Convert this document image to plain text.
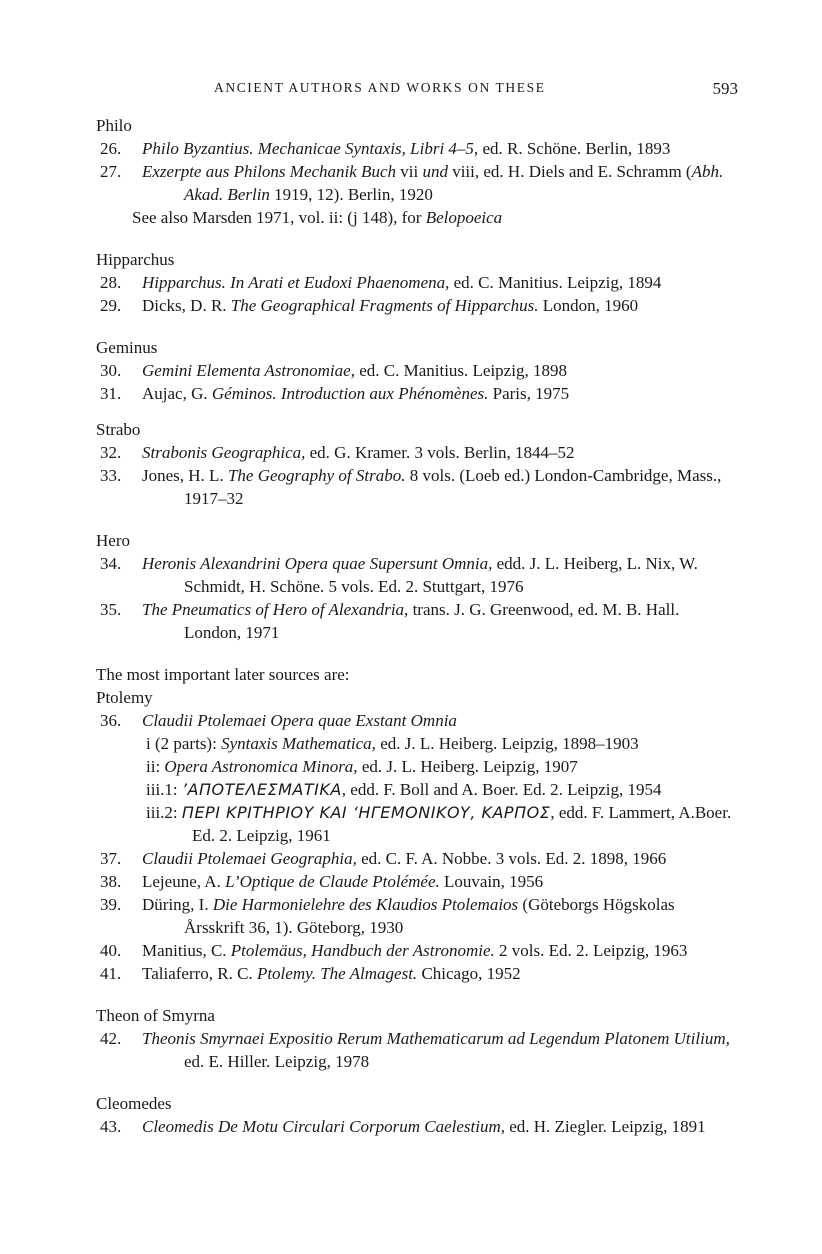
ANCIENT AUTHORS AND WORKS ON THESE	593
Philo
26. Philo Byzantius. Mechanicae Syntaxis, Libri 4–5, ed. R. Schöne. Berlin, 1893
27. Exzerpte aus Philons Mechanik Buch vii und viii, ed. H. Diels and E. Schramm (Abh. Akad. Berlin 1919, 12). Berlin, 1920
See also Marsden 1971, vol. ii: (j 148), for Belopoeica
Hipparchus
28. Hipparchus. In Arati et Eudoxi Phaenomena, ed. C. Manitius. Leipzig, 1894
29. Dicks, D. R. The Geographical Fragments of Hipparchus. London, 1960
Geminus
30. Gemini Elementa Astronomiae, ed. C. Manitius. Leipzig, 1898
31. Aujac, G. Géminos. Introduction aux Phénomènes. Paris, 1975
Strabo
32. Strabonis Geographica, ed. G. Kramer. 3 vols. Berlin, 1844–52
33. Jones, H. L. The Geography of Strabo. 8 vols. (Loeb ed.) London-Cambridge, Mass., 1917–32
Hero
34. Heronis Alexandrini Opera quae Supersunt Omnia, edd. J. L. Heiberg, L. Nix, W. Schmidt, H. Schöne. 5 vols. Ed. 2. Stuttgart, 1976
35. The Pneumatics of Hero of Alexandria, trans. J. G. Greenwood, ed. M. B. Hall. London, 1971
The most important later sources are:
Ptolemy
36. Claudii Ptolemaei Opera quae Exstant Omnia
i (2 parts): Syntaxis Mathematica, ed. J. L. Heiberg. Leipzig, 1898–1903
ii: Opera Astronomica Minora, ed. J. L. Heiberg. Leipzig, 1907
iii.1: ’ΑΠΟΤΕΛΕΣΜΑΤΙΚΑ, edd. F. Boll and A. Boer. Ed. 2. Leipzig, 1954
iii.2: ΠΕΡΙ ΚΡΙΤΗΡΙΟΥ ΚΑΙ ‘ΗΓΕΜΟΝΙΚΟΥ, ΚΑΡΠΟΣ, edd. F. Lammert, A.Boer. Ed. 2. Leipzig, 1961
37. Claudii Ptolemaei Geographia, ed. C. F. A. Nobbe. 3 vols. Ed. 2. 1898, 1966
38. Lejeune, A. L’Optique de Claude Ptolémée. Louvain, 1956
39. Düring, I. Die Harmonielehre des Klaudios Ptolemaios (Göteborgs Högskolas Årsskrift 36, 1). Göteborg, 1930
40. Manitius, C. Ptolemäus, Handbuch der Astronomie. 2 vols. Ed. 2. Leipzig, 1963
41. Taliaferro, R. C. Ptolemy. The Almagest. Chicago, 1952
Theon of Smyrna
42. Theonis Smyrnaei Expositio Rerum Mathematicarum ad Legendum Platonem Utilium, ed. E. Hiller. Leipzig, 1978
Cleomedes
43. Cleomedis De Motu Circulari Corporum Caelestium, ed. H. Ziegler. Leipzig, 1891
